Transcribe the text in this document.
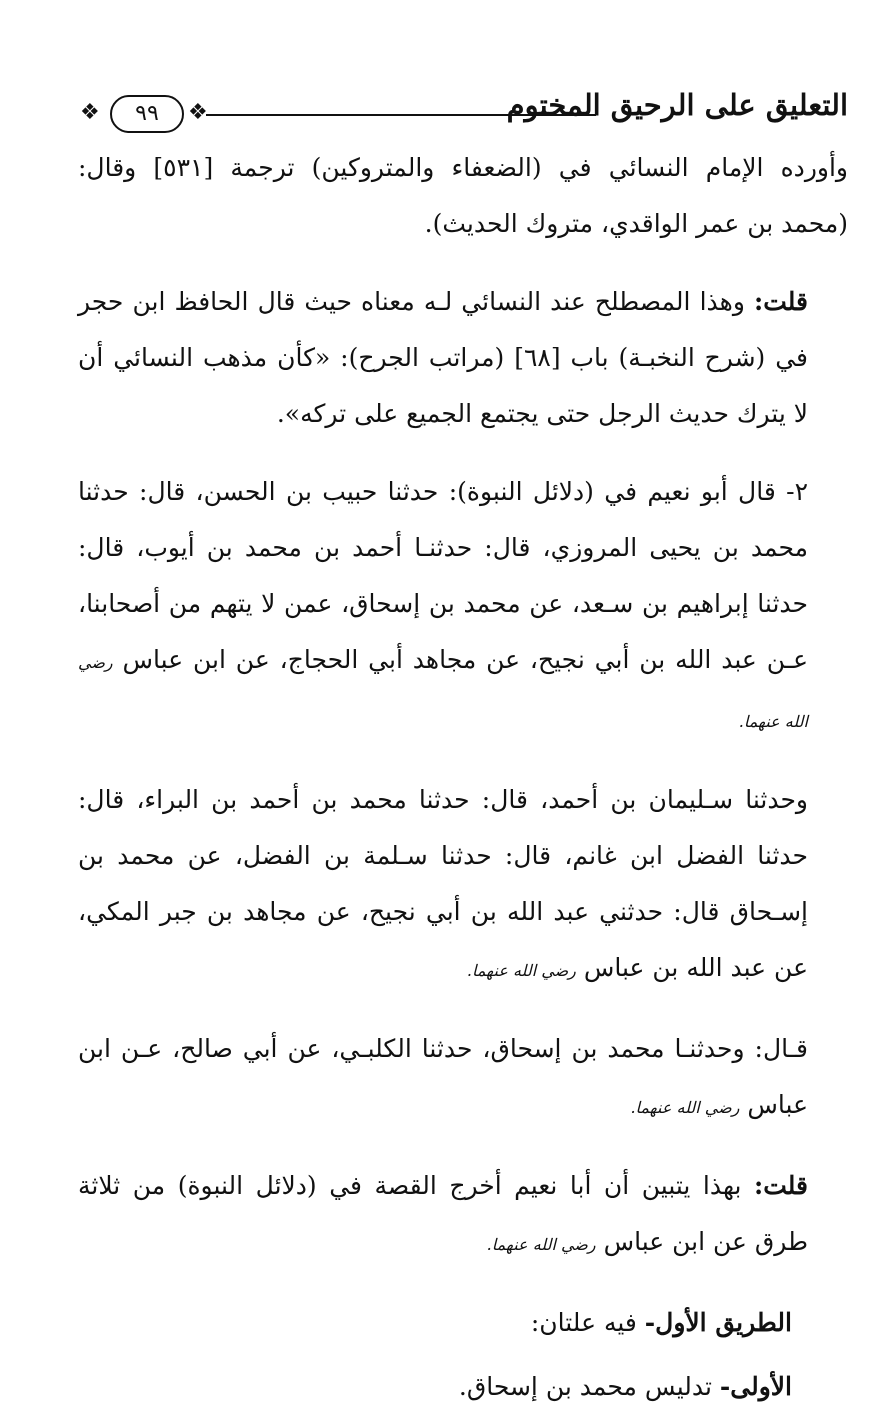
❖	٩٩	❖	التعليق على الرحيق المختوم

وأورده الإمام النسائي في (الضعفاء والمتروكين) ترجمة [٥٣١] وقال: (محمد بن عمر الواقدي، متروك الحديث).

قلت: وهذا المصطلح عند النسائي لـه معناه حيث قال الحافظ ابن حجر في (شرح النخبـة) باب [٦٨] (مراتب الجرح): «كأن مذهب النسائي أن لا يترك حديث الرجل حتى يجتمع الجميع على تركه».

٢- قال أبو نعيم في (دلائل النبوة): حدثنا حبيب بن الحسن، قال: حدثنا محمد بن يحيى المروزي، قال: حدثنـا أحمد بن محمد بن أيوب، قال: حدثنا إبراهيم بن سـعد، عن محمد بن إسحاق، عمن لا يتهم من أصحابنا، عـن عبد الله بن أبي نجيح، عن مجاهد أبي الحجاج، عن ابن عباس رضي الله عنهما.

وحدثنا سـليمان بن أحمد، قال: حدثنا محمد بن أحمد بن البراء، قال: حدثنا الفضل ابن غانم، قال: حدثنا سـلمة بن الفضل، عن محمد بن إسـحاق قال: حدثني عبد الله بن أبي نجيح، عن مجاهد بن جبر المكي، عن عبد الله بن عباس رضي الله عنهما.

قـال: وحدثنـا محمد بن إسحاق، حدثنا الكلبـي، عن أبي صالح، عـن ابن عباس رضي الله عنهما.

قلت: بهذا يتبين أن أبا نعيم أخرج القصة في (دلائل النبوة) من ثلاثة طرق عن ابن عباس رضي الله عنهما.

الطريق الأول- فيه علتان:

الأولى- تدليس محمد بن إسحاق.
